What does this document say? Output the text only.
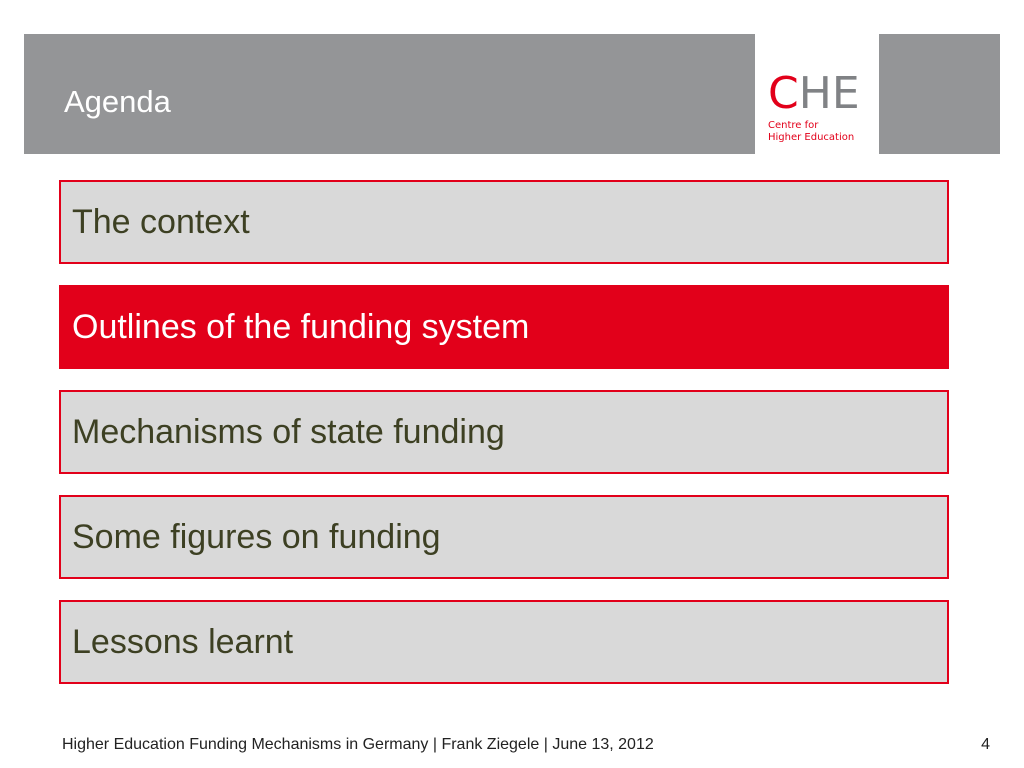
Agenda	CHE
Centre for
Higher Education
The context
Outlines of the funding system
Mechanisms of state funding
Some figures on funding
Lessons learnt
Higher Education Funding Mechanisms in Germany | Frank Ziegele | June 13, 2012	4
